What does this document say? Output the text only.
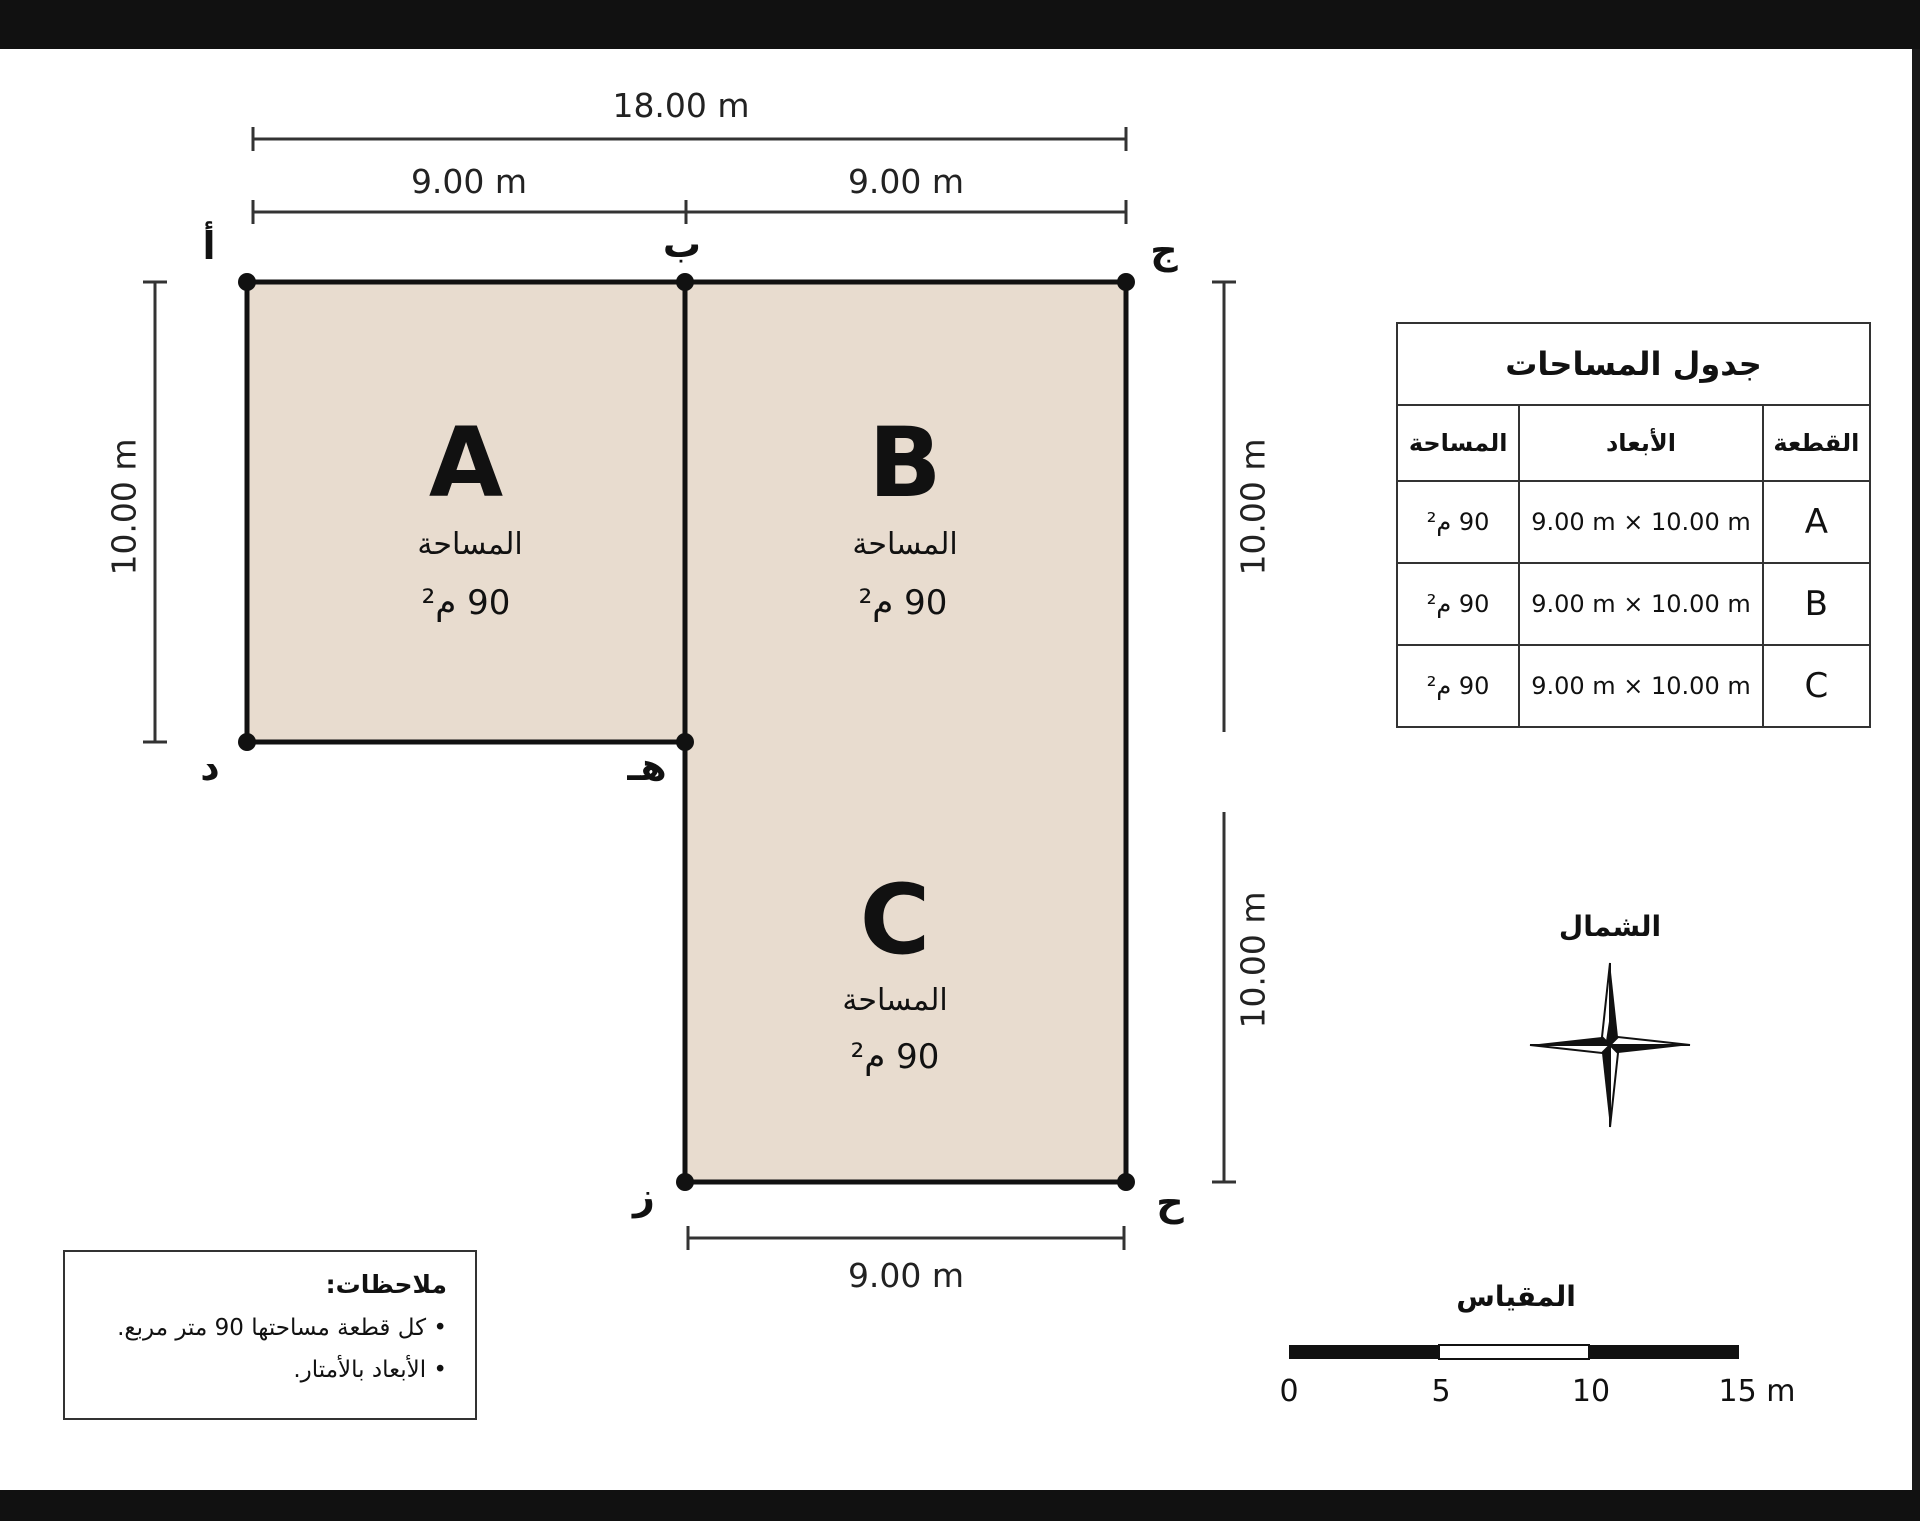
18.00 m
9.00 m	9.00 m
10.00 m	10.00 m
10.00 m
9.00 m
أ	ب	ج
د	هـ
ز	ح
A
المساحة
90 م²
B
المساحة
90 م²
C
المساحة
90 م²
جدول المساحات		
القطعة	الأبعاد	المساحة
A	9.00 m × 10.00 m	90 م²
B	9.00 m × 10.00 m	90 م²
C	9.00 m × 10.00 m	90 م²
الشمال
المقياس
0	5	10	15 m
ملاحظات:
• كل قطعة مساحتها 90 متر مربع.
• الأبعاد بالأمتار.
